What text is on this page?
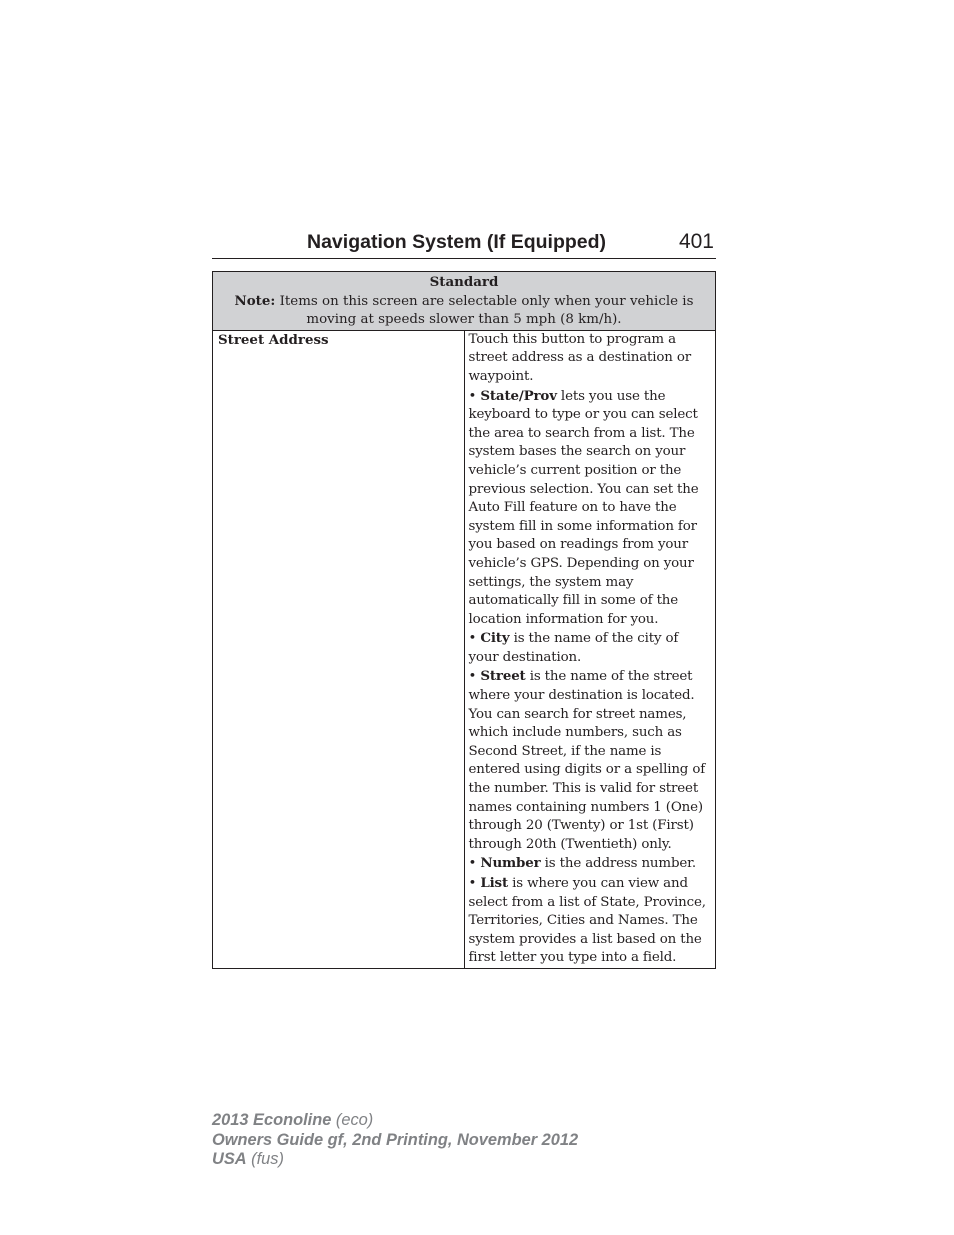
Navigation System (If Equipped)	401
Standard
Note: Items on this screen are selectable only when your vehicle is moving at speeds slower than 5 mph (8 km/h).
Street Address	Touch this button to program a street address as a destination or waypoint.

• State/Prov lets you use the keyboard to type or you can select the area to search from a list. The system bases the search on your vehicle’s current position or the previous selection. You can set the Auto Fill feature on to have the system fill in some information for you based on readings from your vehicle’s GPS. Depending on your settings, the system may automatically fill in some of the location information for you.

• City is the name of the city of your destination.

• Street is the name of the street where your destination is located. You can search for street names, which include numbers, such as Second Street, if the name is entered using digits or a spelling of the number. This is valid for street names containing numbers 1 (One) through 20 (Twenty) or 1st (First) through 20th (Twentieth) only.

• Number is the address number.

• List is where you can view and select from a list of State, Province, Territories, Cities and Names. The system provides a list based on the first letter you type into a field.

2013 Econoline (eco)
Owners Guide gf, 2nd Printing, November 2012
USA (fus)
